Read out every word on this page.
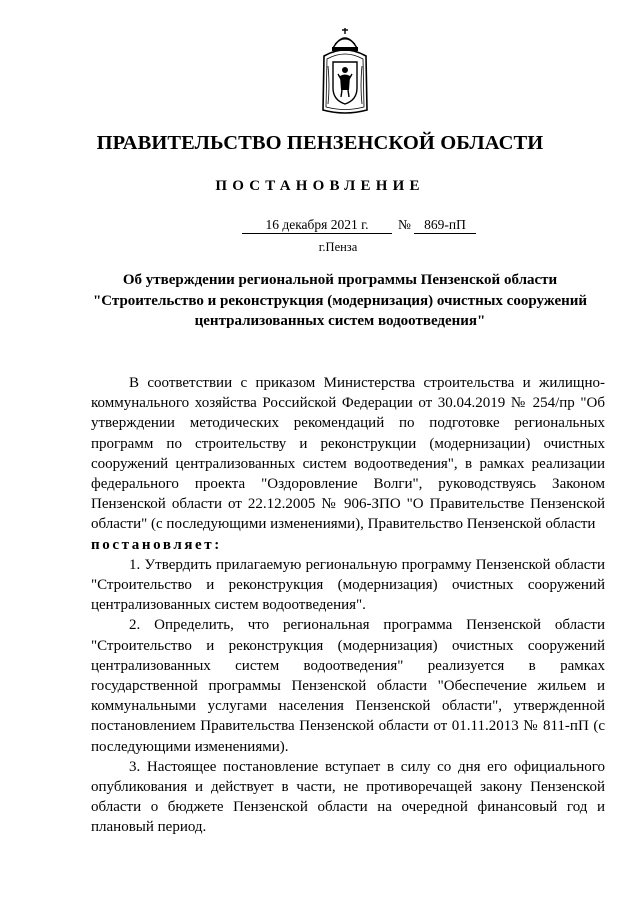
ПРАВИТЕЛЬСТВО ПЕНЗЕНСКОЙ ОБЛАСТИ
ПОСТАНОВЛЕНИЕ
16 декабря 2021 г.	№ 869-пП
г.Пенза
Об утверждении региональной программы Пензенской области
"Строительство и реконструкция (модернизация) очистных сооружений
централизованных систем водоотведения"

В соответствии с приказом Министерства строительства и жилищно-коммунального хозяйства Российской Федерации от 30.04.2019 № 254/пр "Об утверждении методических рекомендаций по подготовке региональных программ по строительству и реконструкции (модернизации) очистных сооружений централизованных систем водоотведения", в рамках реализации федерального проекта "Оздоровление Волги", руководствуясь Законом Пензенской области от 22.12.2005 № 906-ЗПО "О Правительстве Пензенской области" (с последующими изменениями), Правительство Пензенской области

постановляет:

1. Утвердить прилагаемую региональную программу Пензенской области "Строительство и реконструкция (модернизация) очистных сооружений централизованных систем водоотведения".

2. Определить, что региональная программа Пензенской области "Строительство и реконструкция (модернизация) очистных сооружений централизованных систем водоотведения" реализуется в рамках государственной программы Пензенской области "Обеспечение жильем и коммунальными услугами населения Пензенской области", утвержденной постановлением Правительства Пензенской области от 01.11.2013 № 811-пП (с последующими изменениями).

3. Настоящее постановление вступает в силу со дня его официального опубликования и действует в части, не противоречащей закону Пензенской области о бюджете Пензенской области на очередной финансовый год и плановый период.
